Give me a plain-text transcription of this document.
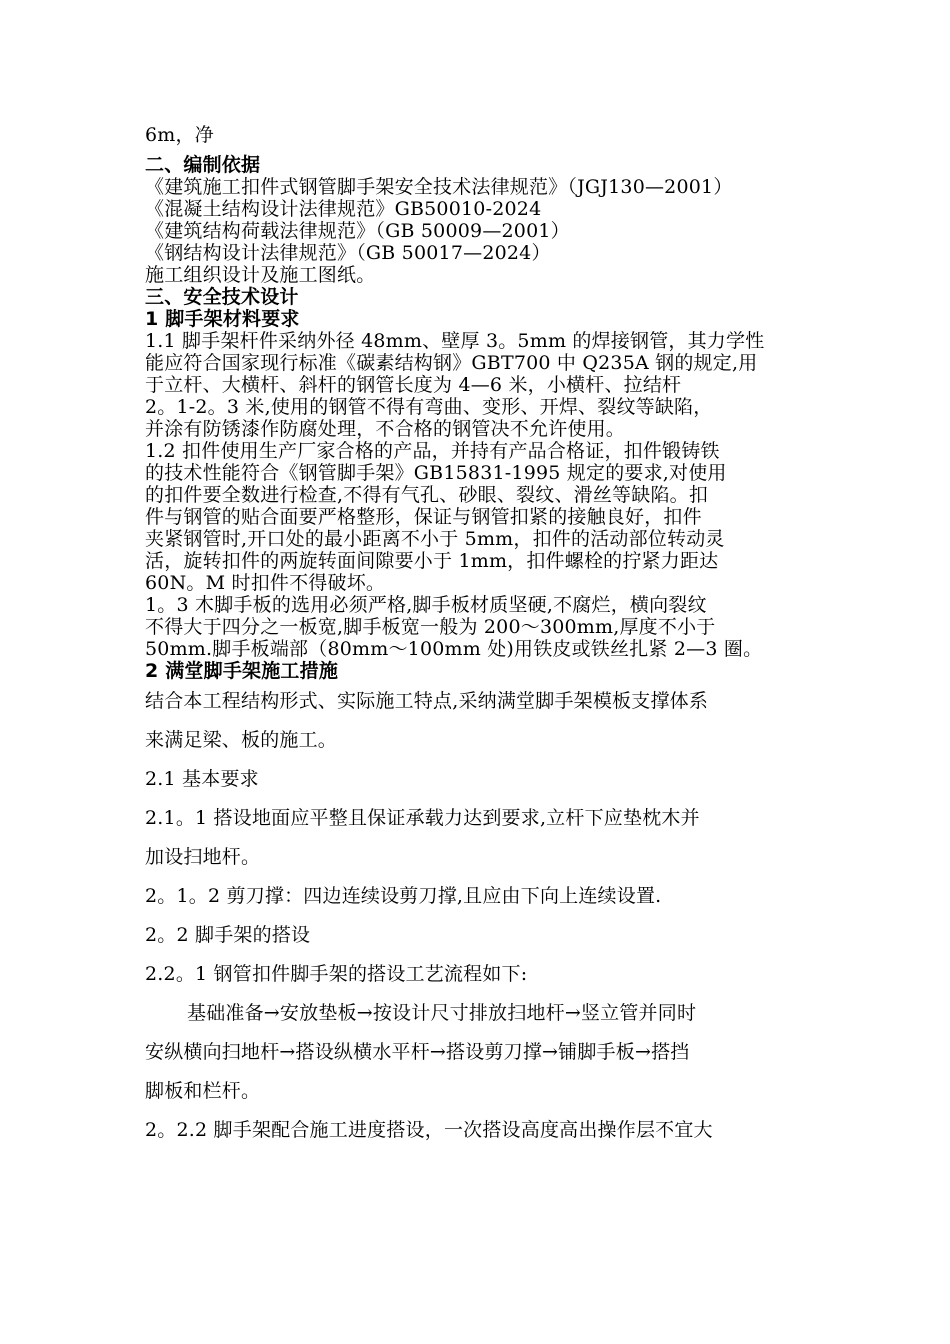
6m，净
二、编制依据
《建筑施工扣件式钢管脚手架安全技术法律规范》（JGJ130—2001）
《混凝土结构设计法律规范》GB50010-2024
《建筑结构荷载法律规范》（GB 50009—2001）
《钢结构设计法律规范》（GB 50017—2024）
施工组织设计及施工图纸。
三、安全技术设计
1 脚手架材料要求
1.1 脚手架杆件采纳外径 48mm、壁厚 3。5mm 的焊接钢管，其力学性
能应符合国家现行标准《碳素结构钢》GBT700 中 Q235A 钢的规定,用
于立杆、大横杆、斜杆的钢管长度为 4—6 米，小横杆、拉结杆
2。1-2。3 米,使用的钢管不得有弯曲、变形、开焊、裂纹等缺陷，
并涂有防锈漆作防腐处理，不合格的钢管决不允许使用。
1.2 扣件使用生产厂家合格的产品，并持有产品合格证，扣件锻铸铁
的技术性能符合《钢管脚手架》GB15831-1995 规定的要求,对使用
的扣件要全数进行检查,不得有气孔、砂眼、裂纹、滑丝等缺陷。扣
件与钢管的贴合面要严格整形，保证与钢管扣紧的接触良好，扣件
夹紧钢管时,开口处的最小距离不小于 5mm，扣件的活动部位转动灵
活，旋转扣件的两旋转面间隙要小于 1mm，扣件螺栓的拧紧力距达
60N。M 时扣件不得破坏。
1。3 木脚手板的选用必须严格,脚手板材质坚硬,不腐烂，横向裂纹
不得大于四分之一板宽,脚手板宽一般为 200～300mm,厚度不小于
50mm.脚手板端部（80mm～100mm 处)用铁皮或铁丝扎紧 2—3 圈。
2 满堂脚手架施工措施
结合本工程结构形式、实际施工特点,采纳满堂脚手架模板支撑体系
来满足梁、板的施工。
2.1 基本要求
2.1。1 搭设地面应平整且保证承载力达到要求,立杆下应垫枕木并
加设扫地杆。
2。1。2 剪刀撑：四边连续设剪刀撑,且应由下向上连续设置.
2。2 脚手架的搭设
2.2。1 钢管扣件脚手架的搭设工艺流程如下:
基础准备→安放垫板→按设计尺寸排放扫地杆→竖立管并同时
安纵横向扫地杆→搭设纵横水平杆→搭设剪刀撑→铺脚手板→搭挡
脚板和栏杆。
2。2.2 脚手架配合施工进度搭设，一次搭设高度高出操作层不宜大
